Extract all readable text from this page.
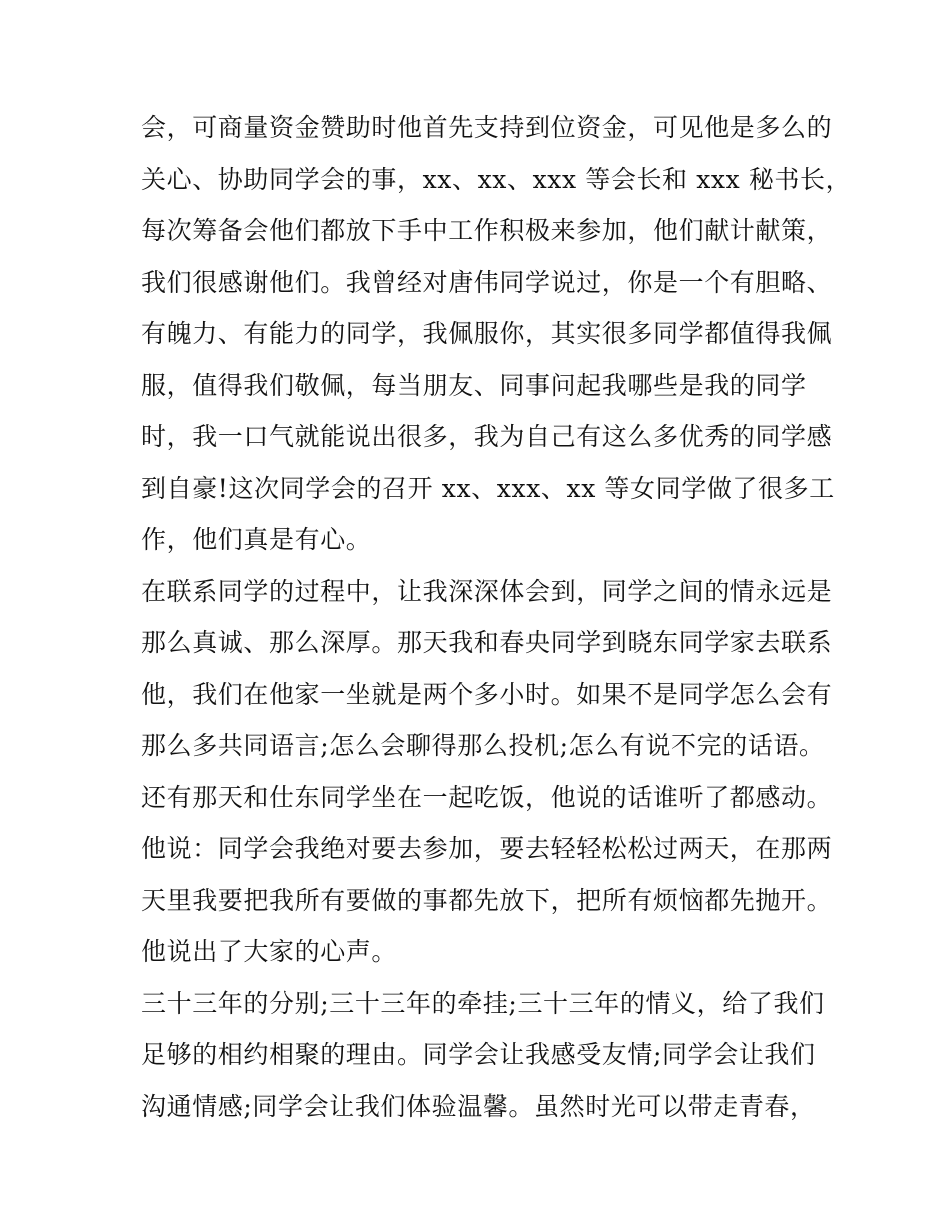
会，可商量资金赞助时他首先支持到位资金，可见他是多么的
关心、协助同学会的事，xx、xx、xxx 等会长和 xxx 秘书长，
每次筹备会他们都放下手中工作积极来参加，他们献计献策，
我们很感谢他们。我曾经对唐伟同学说过，你是一个有胆略、
有魄力、有能力的同学，我佩服你，其实很多同学都值得我佩
服，值得我们敬佩，每当朋友、同事问起我哪些是我的同学
时，我一口气就能说出很多，我为自己有这么多优秀的同学感
到自豪!这次同学会的召开 xx、xxx、xx 等女同学做了很多工
作，他们真是有心。
在联系同学的过程中，让我深深体会到，同学之间的情永远是
那么真诚、那么深厚。那天我和春央同学到晓东同学家去联系
他，我们在他家一坐就是两个多小时。如果不是同学怎么会有
那么多共同语言;怎么会聊得那么投机;怎么有说不完的话语。
还有那天和仕东同学坐在一起吃饭，他说的话谁听了都感动。
他说：同学会我绝对要去参加，要去轻轻松松过两天，在那两
天里我要把我所有要做的事都先放下，把所有烦恼都先抛开。
他说出了大家的心声。
三十三年的分别;三十三年的牵挂;三十三年的情义，给了我们
足够的相约相聚的理由。同学会让我感受友情;同学会让我们
沟通情感;同学会让我们体验温馨。虽然时光可以带走青春，
